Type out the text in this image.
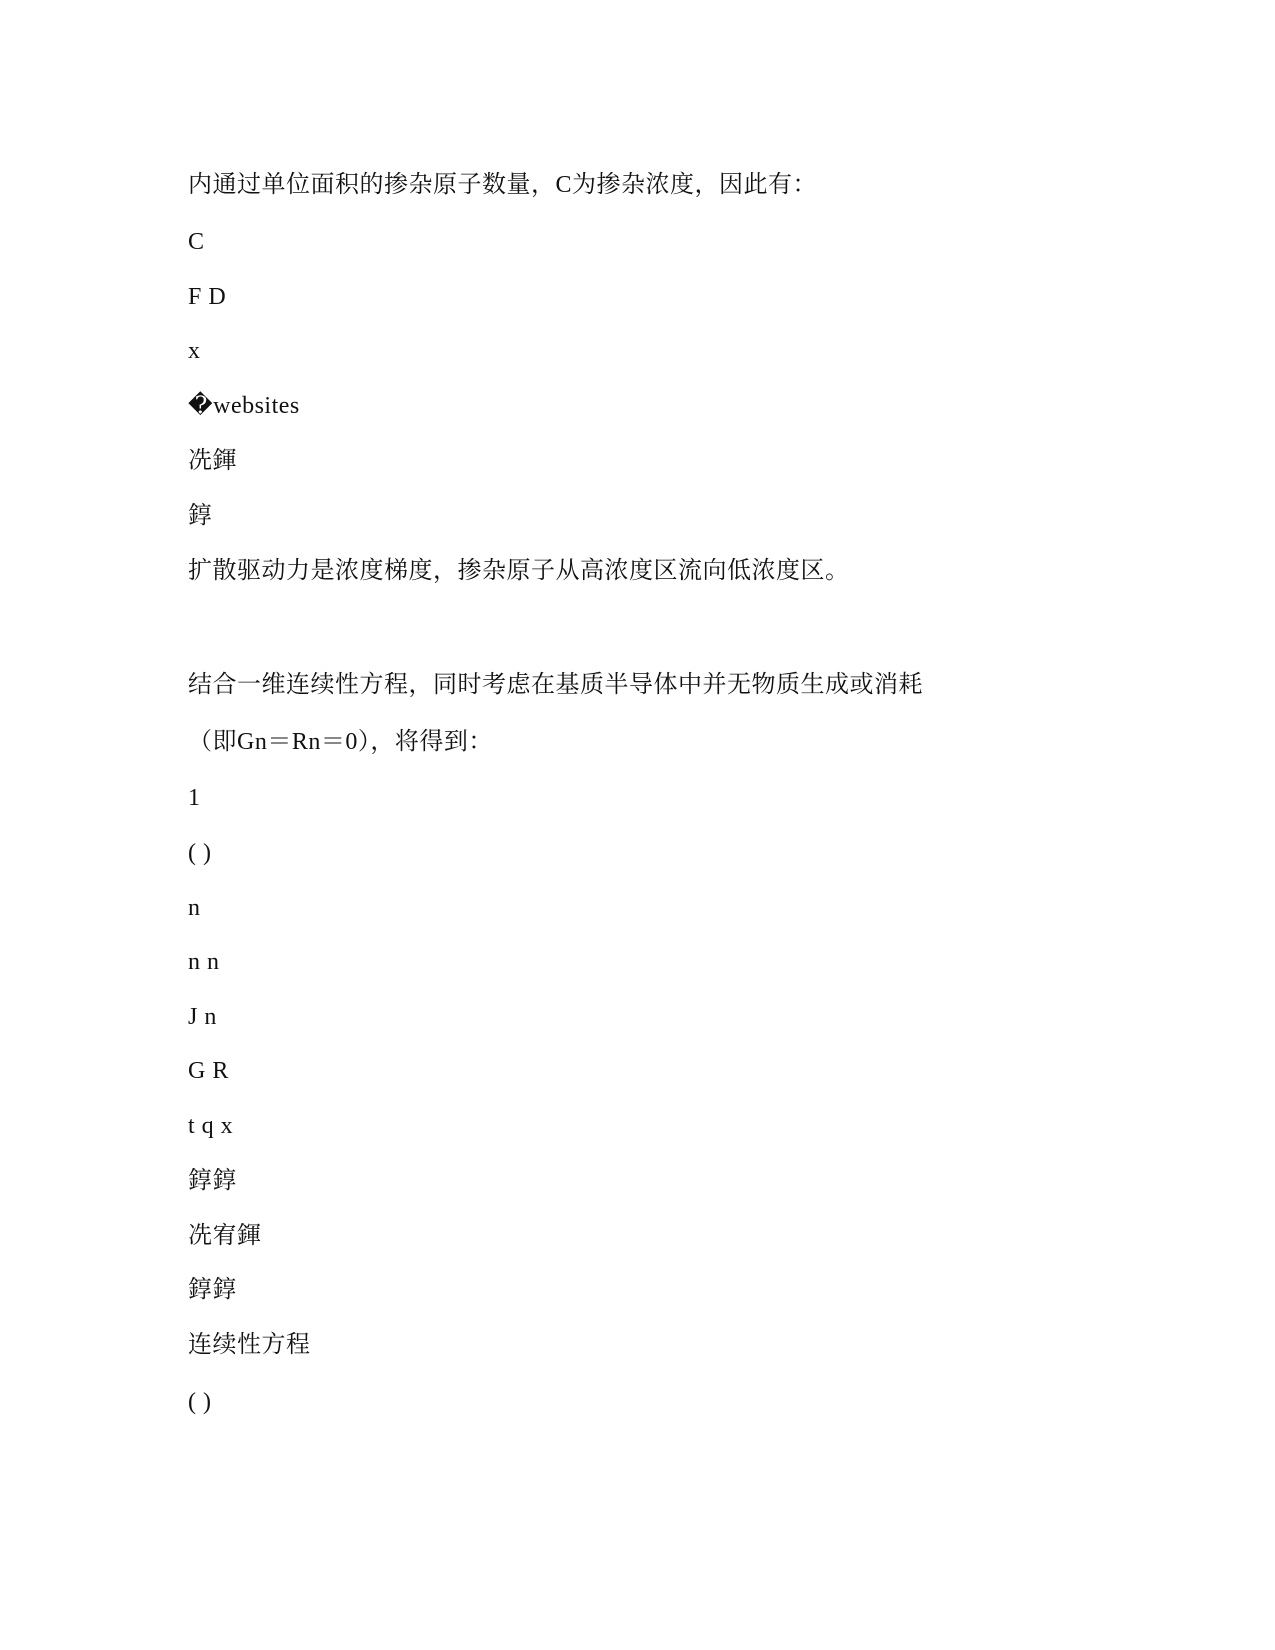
内通过单位面积的掺杂原子数量，C为掺杂浓度，因此有：
C
F D
x
�websites
冼鍕
錞
扩散驱动力是浓度梯度，掺杂原子从高浓度区流向低浓度区。
结合一维连续性方程，同时考虑在基质半导体中并无物质生成或消耗
（即Gn＝Rn＝0），将得到：
1
( )
n
n n
J n
G R
t q x
錞錞
冼宥鍕
錞錞
连续性方程
( )
